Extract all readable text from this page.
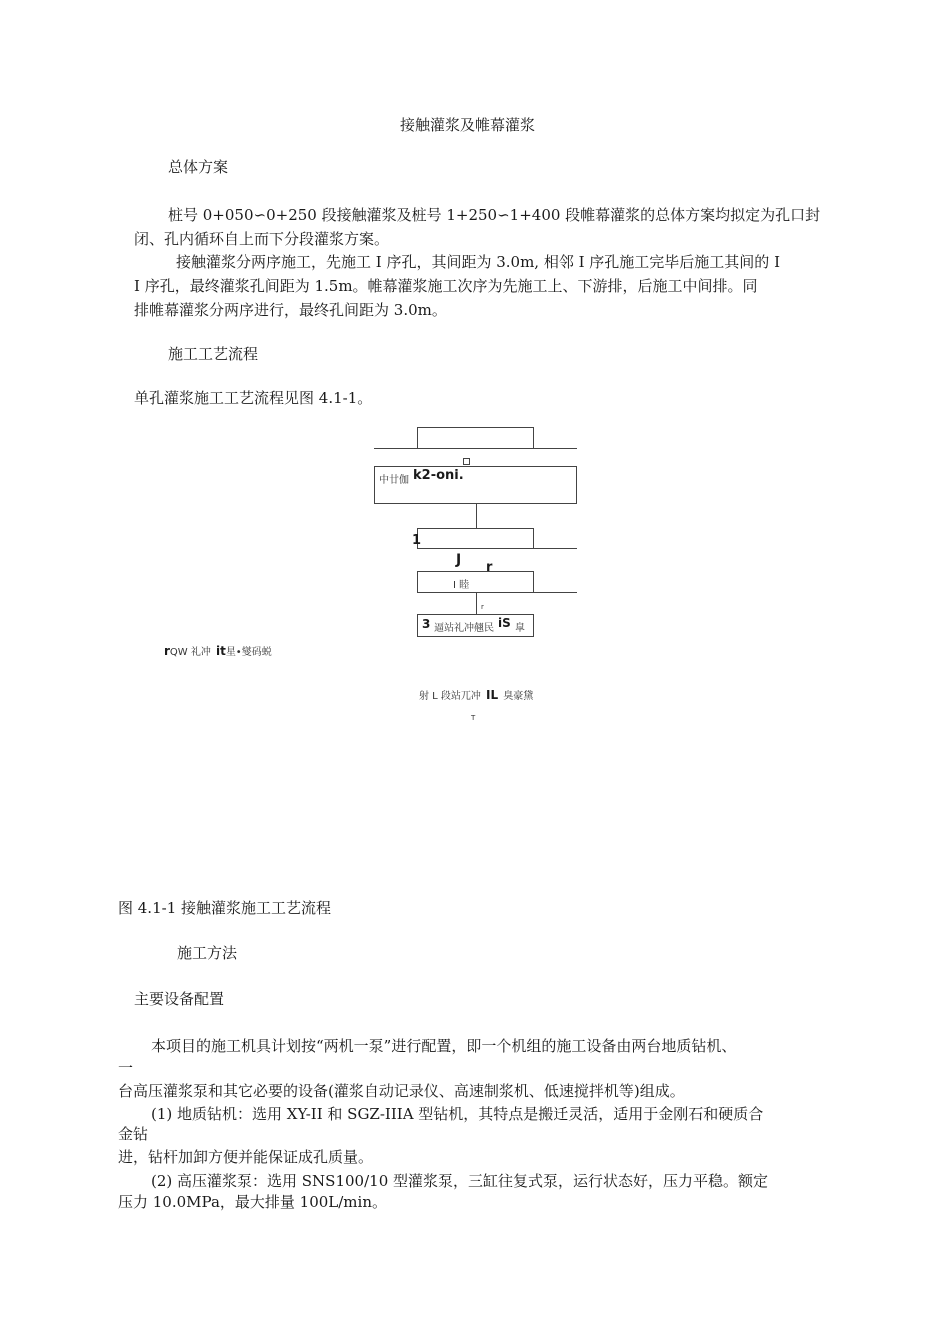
接触灌浆及帷幕灌浆
总体方案
桩号 0+050∽0+250 段接触灌浆及桩号 1+250∽1+400 段帷幕灌浆的总体方案均拟定为孔口封
闭、孔内循环自上而下分段灌浆方案。
接触灌浆分两序施工，先施工 I 序孔，其间距为 3.0m, 相邻 I 序孔施工完毕后施工其间的 I
I 序孔，最终灌浆孔间距为 1.5m。帷幕灌浆施工次序为先施工上、下游排，后施工中间排。同
排帷幕灌浆分两序进行，最终孔间距为 3.0m。
施工工艺流程
单孔灌浆施工工艺流程见图 4.1-1。
中廿伽 k2-oni.
1
J r
I 睦
r
3 逼站礼冲翹民 iS 皐
rQW 礼冲 it星•燮码蜕
射 L 段站兀冲 IL 臭豪黛
T
图 4.1-1 接触灌浆施工工艺流程
施工方法
主要设备配置
本项目的施工机具计划按“两机一泵”进行配置，即一个机组的施工设备由两台地质钻机、
一
台高压灌浆泵和其它必要的设备(灌浆自动记录仪、高速制浆机、低速搅拌机等)组成。
(1) 地质钻机：选用 XY-II 和 SGZ-IIIA 型钻机，其特点是搬迁灵活，适用于金刚石和硬质合
金钻
进，钻杆加卸方便并能保证成孔质量。
(2) 高压灌浆泵：选用 SNS100/10 型灌浆泵，三缸往复式泵，运行状态好，压力平稳。额定
压力 10.0MPa，最大排量 100L/min。
